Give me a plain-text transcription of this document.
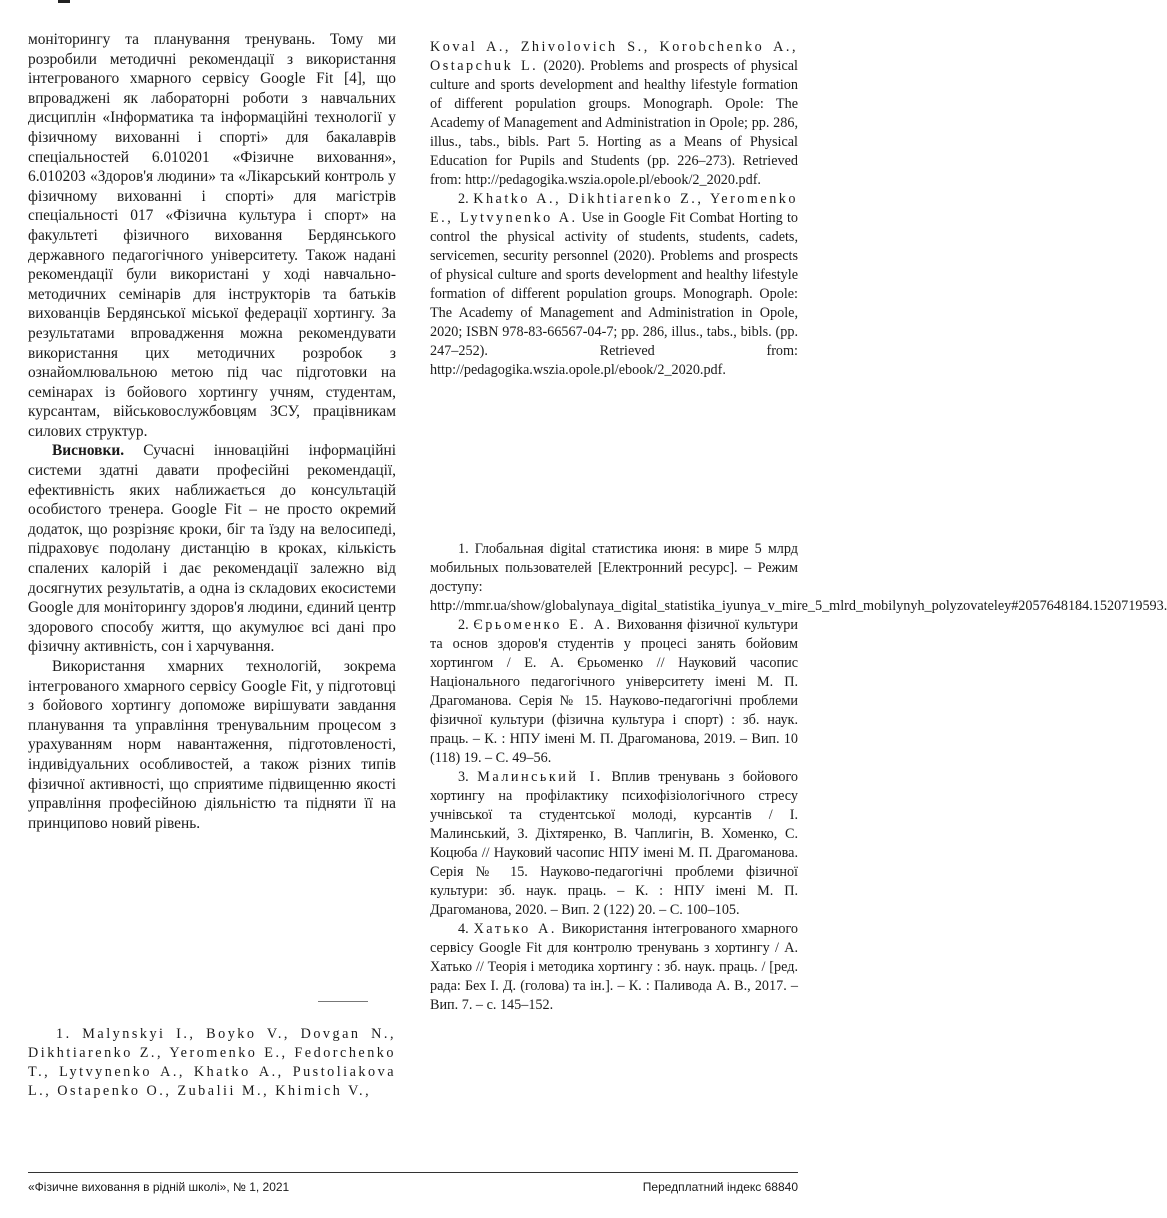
моніторингу та планування тренувань. Тому ми розробили методичні рекомендації з використання інтегрованого хмарного сервісу Google Fit [4], що впроваджені як лабораторні роботи з навчальних дисциплін «Інформатика та інформаційні технології у фізичному вихованні і спорті» для бакалаврів спеціальностей 6.010201 «Фізичне виховання», 6.010203 «Здоров'я людини» та «Лікарський контроль у фізичному вихованні і спорті» для магістрів спеціальності 017 «Фізична культура і спорт» на факультеті фізичного виховання Бердянського державного педагогічного університету. Також надані рекомендації були використані у ході навчально-методичних семінарів для інструкторів та батьків вихованців Бердянської міської федерації хортингу. За результатами впровадження можна рекомендувати використання цих методичних розробок з ознайомлювальною метою під час підготовки на семінарах із бойового хортингу учням, студентам, курсантам, військовослужбовцям ЗСУ, працівникам силових структур.

Висновки. Сучасні інноваційні інформаційні системи здатні давати професійні рекомендації, ефективність яких наближається до консультацій особистого тренера. Google Fit – не просто окремий додаток, що розрізняє кроки, біг та їзду на велосипеді, підраховує подолану дистанцію в кроках, кількість спалених калорій і дає рекомендації залежно від досягнутих результатів, а одна із складових екосистеми Google для моніторингу здоров'я людини, єдиний центр здорового способу життя, що акумулює всі дані про фізичну активність, сон і харчування.

Використання хмарних технологій, зокрема інтегрованого хмарного сервісу Google Fit, у підготовці з бойового хортингу допоможе вирішувати завдання планування та управління тренувальним процесом з урахуванням норм навантаження, підготовленості, індивідуальних особливостей, а також різних типів фізичної активності, що сприятиме підвищенню якості управління професійною діяльністю та підняти її на принципово новий рівень.

1. Malynskyi I., Boyko V., Dovgan N., Dikhtiarenko Z., Yeromenko E., Fedorchenko T., Lytvynenko A., Khatko A., Pustoliakova L., Ostapenko O., Zubalii M., Khimich V.,

Koval A., Zhivolovich S., Korobchenko A., Ostapchuk L. (2020). Problems and prospects of physical culture and sports development and healthy lifestyle formation of different population groups. Monograph. Opole: The Academy of Management and Administration in Opole; pp. 286, illus., tabs., bibls. Part 5. Horting as a Means of Physical Education for Pupils and Students (pp. 226–273). Retrieved from: http://pedagogika.wszia.opole.pl/ebook/2_2020.pdf.

2. Khatko A., Dikhtiarenko Z., Yeromenko E., Lytvynenko A. Use in Google Fit Combat Horting to control the physical activity of students, students, cadets, servicemen, security personnel (2020). Problems and prospects of physical culture and sports development and healthy lifestyle formation of different population groups. Monograph. Opole: The Academy of Management and Administration in Opole, 2020; ISBN 978-83-66567-04-7; pp. 286, illus., tabs., bibls. (pp. 247–252). Retrieved from: http://pedagogika.wszia.opole.pl/ebook/2_2020.pdf.

1. Глобальная digital статистика июня: в мире 5 млрд мобильных пользователей [Електронний ресурс]. – Режим доступу: http://mmr.ua/show/globalynaya_digital_statistika_iyunya_v_mire_5_mlrd_mobilynyh_polyzovateley#2057648184.1520719593.

2. Єрьоменко Е. А. Виховання фізичної культури та основ здоров'я студентів у процесі занять бойовим хортингом / Е. А. Єрьоменко // Науковий часопис Національного педагогічного університету імені М. П. Драгоманова. Серія № 15. Науково-педагогічні проблеми фізичної культури (фізична культура і спорт) : зб. наук. праць. – К. : НПУ імені М. П. Драгоманова, 2019. – Вип. 10 (118) 19. – С. 49–56.

3. Малинський І. Вплив тренувань з бойового хортингу на профілактику психофізіологічного стресу учнівської та студентської молоді, курсантів / І. Малинський, З. Діхтяренко, В. Чаплигін, В. Хоменко, С. Коцюба // Науковий часопис НПУ імені М. П. Драгоманова. Серія № 15. Науково-педагогічні проблеми фізичної культури: зб. наук. праць. – К. : НПУ імені М. П. Драгоманова, 2020. – Вип. 2 (122) 20. – С. 100–105.

4. Хатько А. Використання інтегрованого хмарного сервісу Google Fit для контролю тренувань з хортингу / А. Хатько // Теорія і методика хортингу : зб. наук. праць. / [ред. рада: Бех І. Д. (голова) та ін.]. – К. : Паливода А. В., 2017. – Вип. 7. – с. 145–152.

«Фізичне виховання в рідній школі», № 1, 2021	Передплатний індекс 68840
